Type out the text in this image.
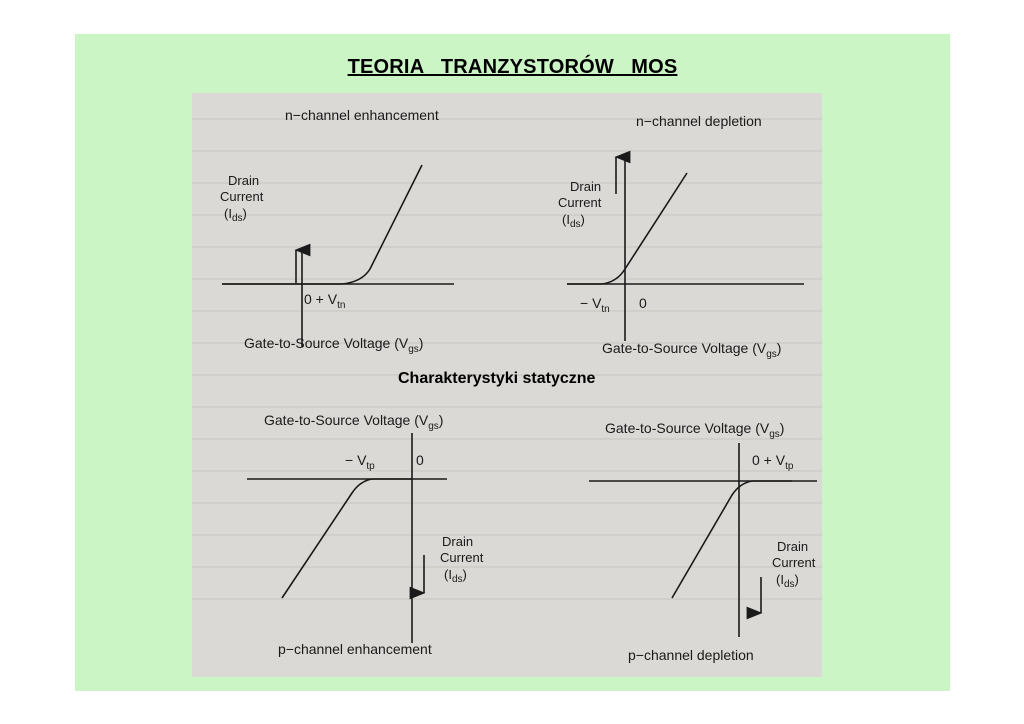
TEORIA   TRANZYSTORÓW   MOS
n−channel enhancement
Drain
Current
$(I_{ds})$
$0 + V_{tn}$
Gate-to-Source Voltage $(V_{gs})$
n−channel depletion
Drain
Current
$(I_{ds})$
− $V_{tn}$ 0
Gate-to-Source Voltage $(V_{gs})$
Gate-to-Source Voltage $(V_{gs})$
− $V_{tp}$	0
Drain
Current
$(I_{ds})$
p−channel enhancement
Gate-to-Source Voltage $(V_{gs})$
$0 + V_{tp}$
Drain
Current
$(I_{ds})$
p−channel depletion
Charakterystyki statyczne
